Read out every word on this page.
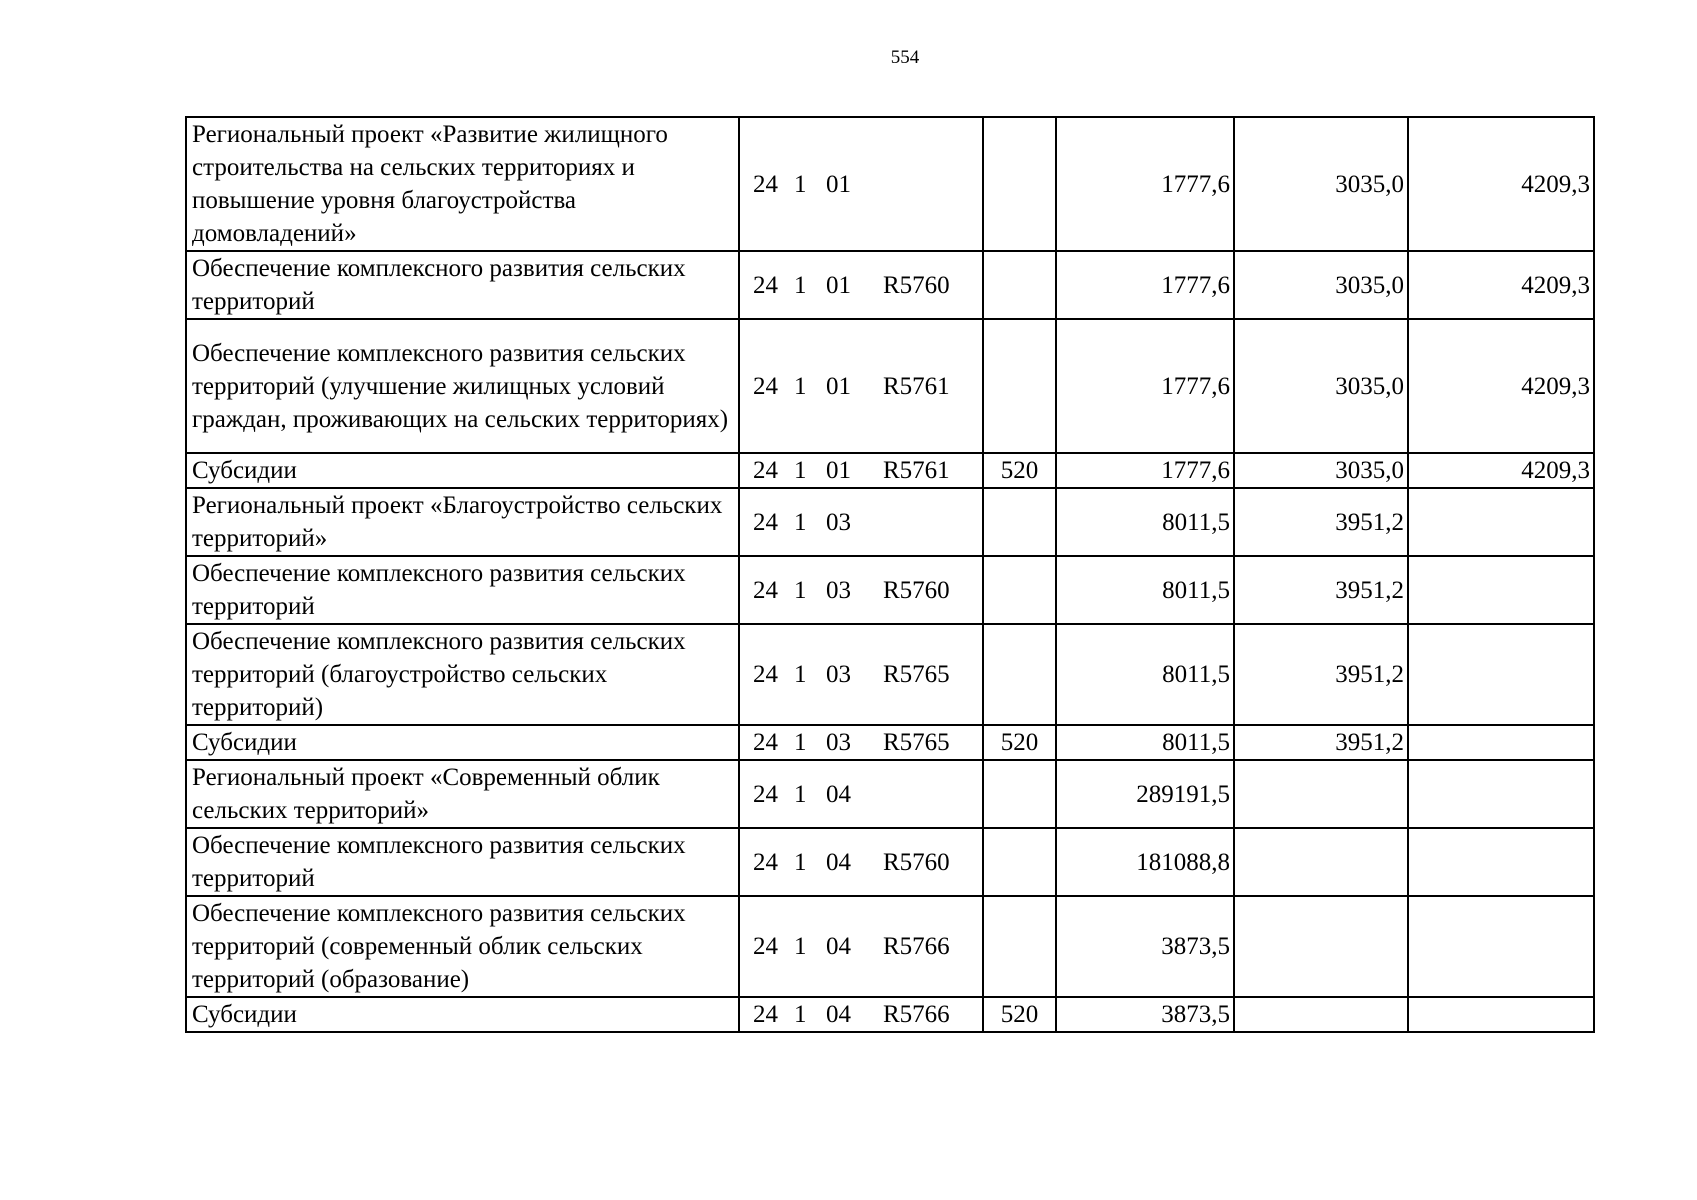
554
Региональный проект «Развитие жилищного строительства на сельских территориях и повышение уровня благоустройства домовладений»	24 1 01		1777,6	3035,0	4209,3
Обеспечение комплексного развития сельских территорий	24 1 01 R5760		1777,6	3035,0	4209,3
Обеспечение комплексного развития сельских территорий (улучшение жилищных условий граждан, проживающих на сельских территориях)	24 1 01 R5761		1777,6	3035,0	4209,3
Субсидии	24 1 01 R5761	520	1777,6	3035,0	4209,3
Региональный проект «Благоустройство сельских территорий»	24 1 03		8011,5	3951,2	
Обеспечение комплексного развития сельских территорий	24 1 03 R5760		8011,5	3951,2	
Обеспечение комплексного развития сельских территорий (благоустройство сельских территорий)	24 1 03 R5765		8011,5	3951,2	
Субсидии	24 1 03 R5765	520	8011,5	3951,2	
Региональный проект «Современный облик сельских территорий»	24 1 04		289191,5		
Обеспечение комплексного развития сельских территорий	24 1 04 R5760		181088,8		
Обеспечение комплексного развития сельских территорий (современный облик сельских территорий (образование)	24 1 04 R5766		3873,5		
Субсидии	24 1 04 R5766	520	3873,5		
